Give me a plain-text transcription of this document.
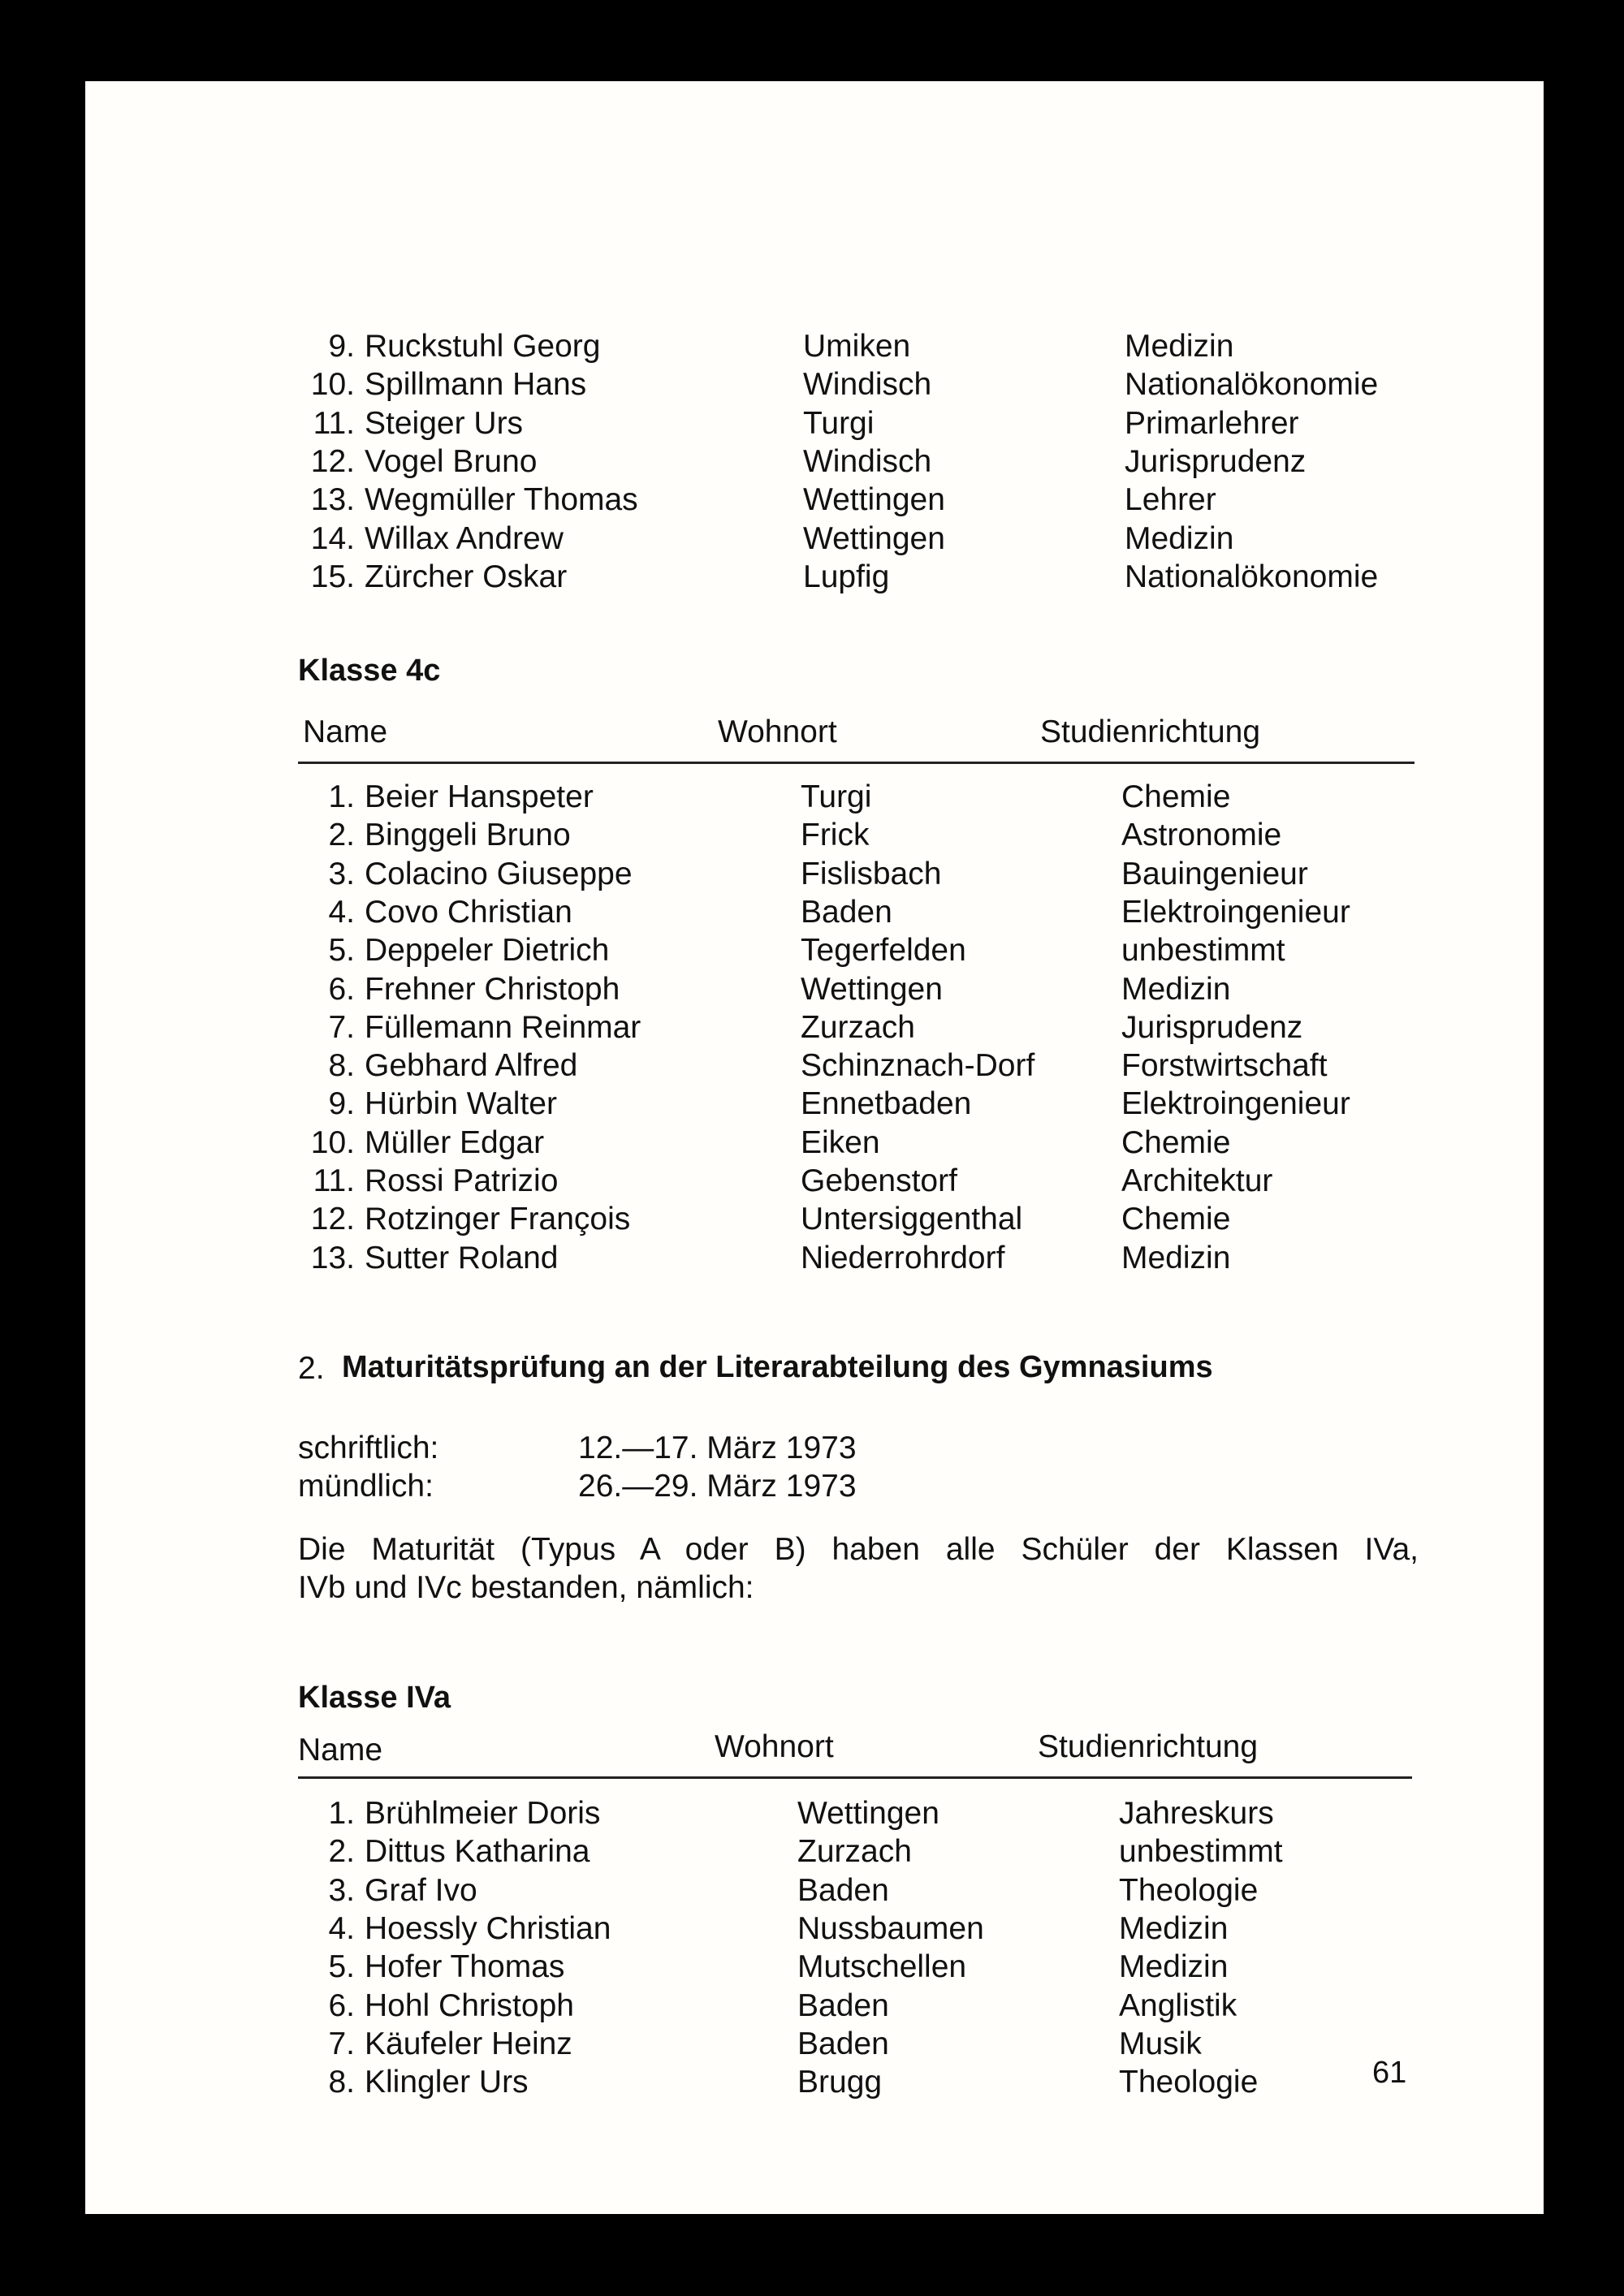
9. Ruckstuhl Georg	Umiken	Medizin
10. Spillmann Hans	Windisch	Nationalökonomie
11. Steiger Urs	Turgi	Primarlehrer
12. Vogel Bruno	Windisch	Jurisprudenz
13. Wegmüller Thomas	Wettingen	Lehrer
14. Willax Andrew	Wettingen	Medizin
15. Zürcher Oskar	Lupfig	Nationalökonomie
Klasse 4c
Name	Wohnort	Studienrichtung
1. Beier Hanspeter	Turgi	Chemie
2. Binggeli Bruno	Frick	Astronomie
3. Colacino Giuseppe	Fislisbach	Bauingenieur
4. Covo Christian	Baden	Elektroingenieur
5. Deppeler Dietrich	Tegerfelden	unbestimmt
6. Frehner Christoph	Wettingen	Medizin
7. Füllemann Reinmar	Zurzach	Jurisprudenz
8. Gebhard Alfred	Schinznach-Dorf	Forstwirtschaft
9. Hürbin Walter	Ennetbaden	Elektroingenieur
10. Müller Edgar	Eiken	Chemie
11. Rossi Patrizio	Gebenstorf	Architektur
12. Rotzinger François	Untersiggenthal	Chemie
13. Sutter Roland	Niederrohrdorf	Medizin
2. Maturitätsprüfung an der Literarabteilung des Gymnasiums
schriftlich:	12.—17. März 1973
mündlich:	26.—29. März 1973
Die Maturität (Typus A oder B) haben alle Schüler der Klassen IVa,
IVb und IVc bestanden, nämlich:
Klasse IVa
Name	Wohnort	Studienrichtung
1. Brühlmeier Doris	Wettingen	Jahreskurs
2. Dittus Katharina	Zurzach	unbestimmt
3. Graf Ivo	Baden	Theologie
4. Hoessly Christian	Nussbaumen	Medizin
5. Hofer Thomas	Mutschellen	Medizin
6. Hohl Christoph	Baden	Anglistik
7. Käufeler Heinz	Baden	Musik
8. Klingler Urs	Brugg	Theologie	61
